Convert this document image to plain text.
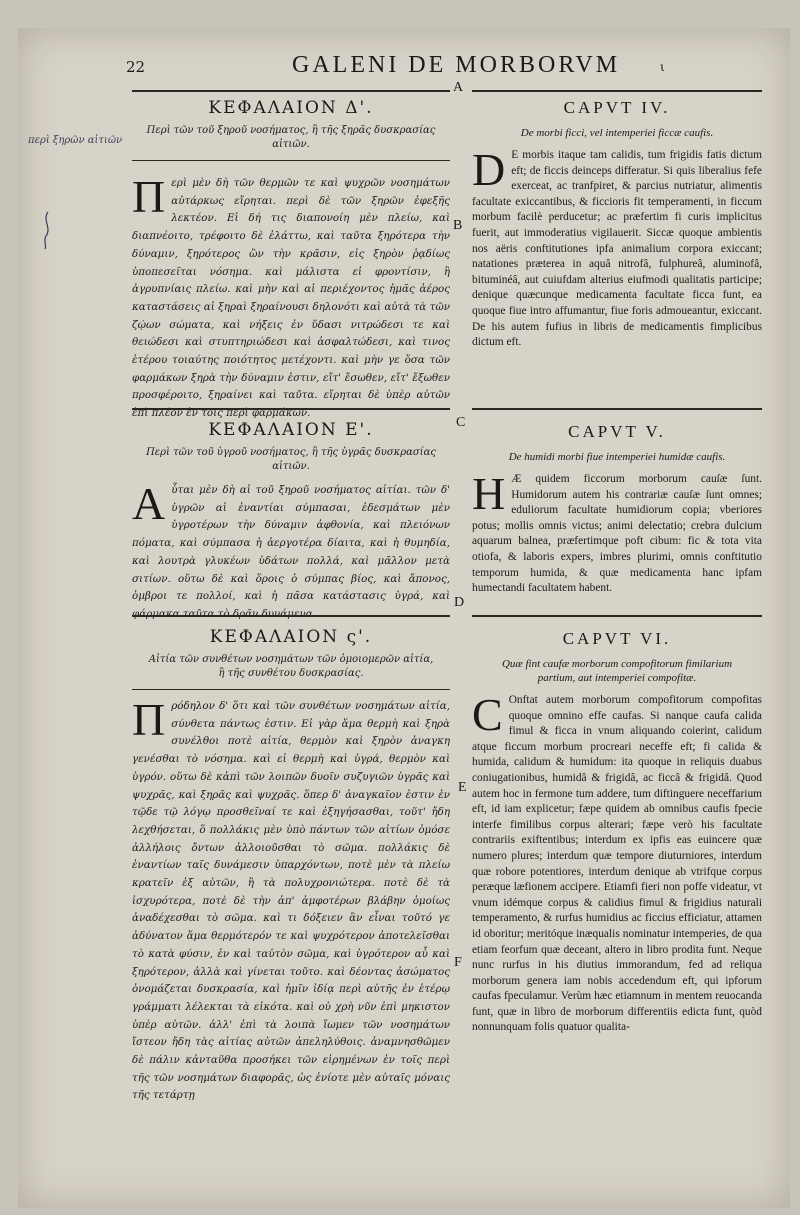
22	GALENI DE MORBORVM	ι
περὶ ξηρῶν αἰτιῶν
A
B
C
D
E
F
ΚΕΦΑΛΑΙΟΝ Δ'.
Περὶ τῶν τοῦ ξηροῦ νοσήματος, ἢ τῆς ξηρᾶς δυσκρασίας αἰτιῶν.
Περὶ μὲν δὴ τῶν θερμῶν τε καὶ ψυχρῶν νοσημάτων αὐτάρκως εἴρηται. περὶ δὲ τῶν ξηρῶν ἐφεξῆς λεκτέον. Εἰ δή τις διαπονοίη μὲν πλείω, καὶ διαπνέοιτο, τρέφοιτο δὲ ἐλάττω, καὶ ταῦτα ξηρότερα τὴν δύναμιν, ξηρότερος ὢν τὴν κρᾶσιν, εἰς ξηρὸν ῥᾳδίως ὑποπεσεῖται νόσημα. καὶ μάλιστα εἰ φροντίσιν, ἢ ἀγρυπνίαις πλείω. καὶ μὴν καὶ αἱ περιέχοντος ἡμᾶς ἀέρος καταστάσεις αἱ ξηραὶ ξηραίνουσι δηλονότι καὶ αὐτὰ τὰ τῶν ζῴων σώματα, καὶ νήξεις ἐν ὕδασι νιτρώδεσι τε καὶ θειώδεσι καὶ στυπτηριώδεσι καὶ ἀσφαλτώδεσι, καὶ τινος ἑτέρου τοιαύτης ποιότητος μετέχοντι. καὶ μὴν γε ὅσα τῶν φαρμάκων ξηρὰ τὴν δύναμιν ἐστιν, εἴτ' ἔσωθεν, εἴτ' ἔξωθεν προσφέροιτο, ξηραίνει καὶ ταῦτα. εἴρηται δὲ ὑπὲρ αὐτῶν ἐπὶ πλέον ἐν τοῖς περὶ φαρμάκων.
ΚΕΦΑΛΑΙΟΝ Ε'.
Περὶ τῶν τοῦ ὑγροῦ νοσήματος, ἢ τῆς ὑγρᾶς δυσκρασίας αἰτιῶν.
Αὗται μὲν δὴ αἱ τοῦ ξηροῦ νοσήματος αἰτίαι. τῶν δ' ὑγρῶν αἱ ἐναντίαι σύμπασαι, ἐδεσμάτων μὲν ὑγροτέρων τὴν δύναμιν ἀφθονία, καὶ πλειόνων πόματα, καὶ σύμπασα ἡ ἀεργοτέρα δίαιτα, καὶ ἡ θυμηδία, καὶ λουτρὰ γλυκέων ὑδάτων πολλά, καὶ μᾶλλον μετὰ σιτίων. οὕτω δὲ καὶ ὅροις ὁ σύμπας βίος, καὶ ἄπονος, ὁμβροι τε πολλοί, καὶ ἡ πᾶσα κατάστασις ὑγρά, καὶ φάρμακα ταῦτα τὸ δρᾶν δυνάμενα.
ΚΕΦΑΛΑΙΟΝ ς'.
Αἰτία τῶν συνθέτων νοσημάτων τῶν ὁμοιομερῶν αἰτία,
ἢ τῆς συνθέτου δυσκρασίας.
Πρόδηλον δ' ὅτι καὶ τῶν συνθέτων νοσημάτων αἰτία, σύνθετα πάντως ἐστιν. Εἰ γὰρ ἅμα θερμὴ καὶ ξηρὰ συνέλθοι ποτὲ αἰτία, θερμὸν καὶ ξηρὸν ἀναγκη γενέσθαι τὸ νόσημα. καὶ εἰ θερμὴ καὶ ὑγρά, θερμὸν καὶ ὑγρόν. οὕτω δὲ κἀπὶ τῶν λοιπῶν δυοῖν συζυγιῶν ὑγρᾶς καὶ ψυχρᾶς, καὶ ξηρᾶς καὶ ψυχρᾶς. ὅπερ δ' ἀναγκαῖον ἐστιν ἐν τῷδε τῷ λόγῳ προσθεῖναί τε καὶ ἐξηγήσασθαι, τοῦτ' ἤδη λεχθήσεται, ὅ πολλάκις μὲν ὑπὸ πάντων τῶν αἰτίων ὁμόσε ἀλλήλοις ὄντων ἀλλοιοῦσθαι τὸ σῶμα. πολλάκις δὲ ἐναντίων ταῖς δυνάμεσιν ὑπαρχόντων, ποτὲ μὲν τὰ πλείω κρατεῖν ἐξ αὐτῶν, ἢ τὰ πολυχρονιώτερα. ποτὲ δὲ τὰ ἰσχυρότερα, ποτὲ δὲ τὴν ἀπ' ἀμφοτέρων βλάβην ὁμοίως ἀναδέχεσθαι τὸ σῶμα. καὶ τι δόξειεν ἂν εἶναι τοῦτό γε ἀδύνατον ἅμα θερμότερόν τε καὶ ψυχρότερον ἀποτελεῖσθαι τὸ κατὰ φύσιν, ἐν καὶ ταὐτὸν σῶμα, καὶ ὑγρότερον αὖ καὶ ξηρότερον, ἀλλὰ καὶ γίνεται τοῦτο. καὶ δέοντας ἀσώματος ὀνομάζεται δυσκρασία, καὶ ἡμῖν ἰδίᾳ περὶ αὐτῆς ἐν ἑτέρῳ γράμματι λέλεκται τὰ εἰκότα. καὶ οὐ χρὴ νῦν ἐπὶ μηκιστον ὑπὲρ αὐτῶν. ἀλλ' ἐπὶ τὰ λοιπὰ ἴωμεν τῶν νοσημάτων ἴστεον ἤδη τὰς αἰτίας αὐτῶν ἀπεληλύθοις. ἀναμνησθῶμεν δὲ πάλιν κἀνταῦθα προσήκει τῶν εἰρημένων ἐν τοῖς περὶ τῆς τῶν νοσημάτων διαφορᾶς, ὡς ἐνίοτε μὲν αὐταῖς μόναις τῆς τετάρτῃ
CAPVT IV.
De morbi ficci, vel intemperiei ficcæ caufis.
D E morbis itaque tam calidis, tum frigidis fatis dictum eft; de ficcis deinceps differatur. Si quis liberalius fefe exerceat, ac tranfpiret, & parcius nutriatur, alimentis facultate exiccantibus, & ficcioris fit temperamenti, in ficcum morbum facilè perducetur; ac præfertim fi curis implicitus fuerit, aut immoderatius vigilauerit. Siccæ quoque ambientis nos aëris conftitutiones ipfa animalium corpora exiccant; natationes præterea in aquâ nitrofâ, fulphureâ, aluminofâ, bituminéâ, aut cuiufdam alterius eiufmodi qualitatis participe; denique quæcunque medicamenta facultate ficca funt, ea quoque fiue intro affumantur, fiue foris admoueantur, exiccant. De his autem fufius in libris de medicamentis fimplicibus dictum eft.
CAPVT V.
De humidi morbi fiue intemperiei humidæ caufis.
H Æ quidem ficcorum morborum cauſæ ſunt. Humidorum autem his contrariæ cauſæ ſunt omnes; eduliorum facultate humidiorum copia; vberiores potus; mollis omnis victus; animi delectatio; crebra dulcium aquarum balnea, præfertimque poft cibum: fic & tota vita otiofa, & laboris expers, imbres plurimi, omnis conftitutio temporum humida, & quæ medicamenta hanc ipfam humectandi facultatem habent.
CAPVT VI.
Quæ fint caufæ morborum compofitorum fimilarium
partium, aut intemperiei compofitæ.
C Onftat autem morborum compofitorum compofitas quoque omnino effe caufas. Si nanque caufa calida fimul & ficca in vnum aliquando coierint, calidum atque ficcum morbum procreari neceffe eft; fi calida & humida, calidum & humidum: ita quoque in reliquis duabus coniugationibus, humidâ & frigidâ, ac ficcâ & frigidâ. Quod autem hoc in fermone tum addere, tum diftinguere neceffarium eft, id iam explicetur; fæpe quidem ab omnibus caufis fpecie interfe fimilibus corpus alterari; fæpe verò his facultate contrariis exiftentibus; interdum ex ipfis eas euincere quæ numero plures; interdum quæ tempore diuturniores, interdum quæ robore potentiores, interdum denique ab vtrifque corpus peræque læfionem accipere. Etiamfi fieri non poffe videatur, vt vnum idémque corpus & calidius fimul & frigidius naturali temperamento, & rurfus humidius ac ficcius efficiatur, attamen id oboritur; meritóque inæqualis nominatur intemperies, de qua etiam feorfum quæ deceant, altero in libro prodita funt. Neque nunc rurfus in his diutius immorandum, fed ad reliqua morborum genera iam nobis accedendum eft, qui ipforum caufas fpeculamur. Verùm hæc etiamnum in mentem reuocanda funt, quæ in libro de morborum differentiis edicta funt, quòd nonnunquam folis quatuor qualita-
